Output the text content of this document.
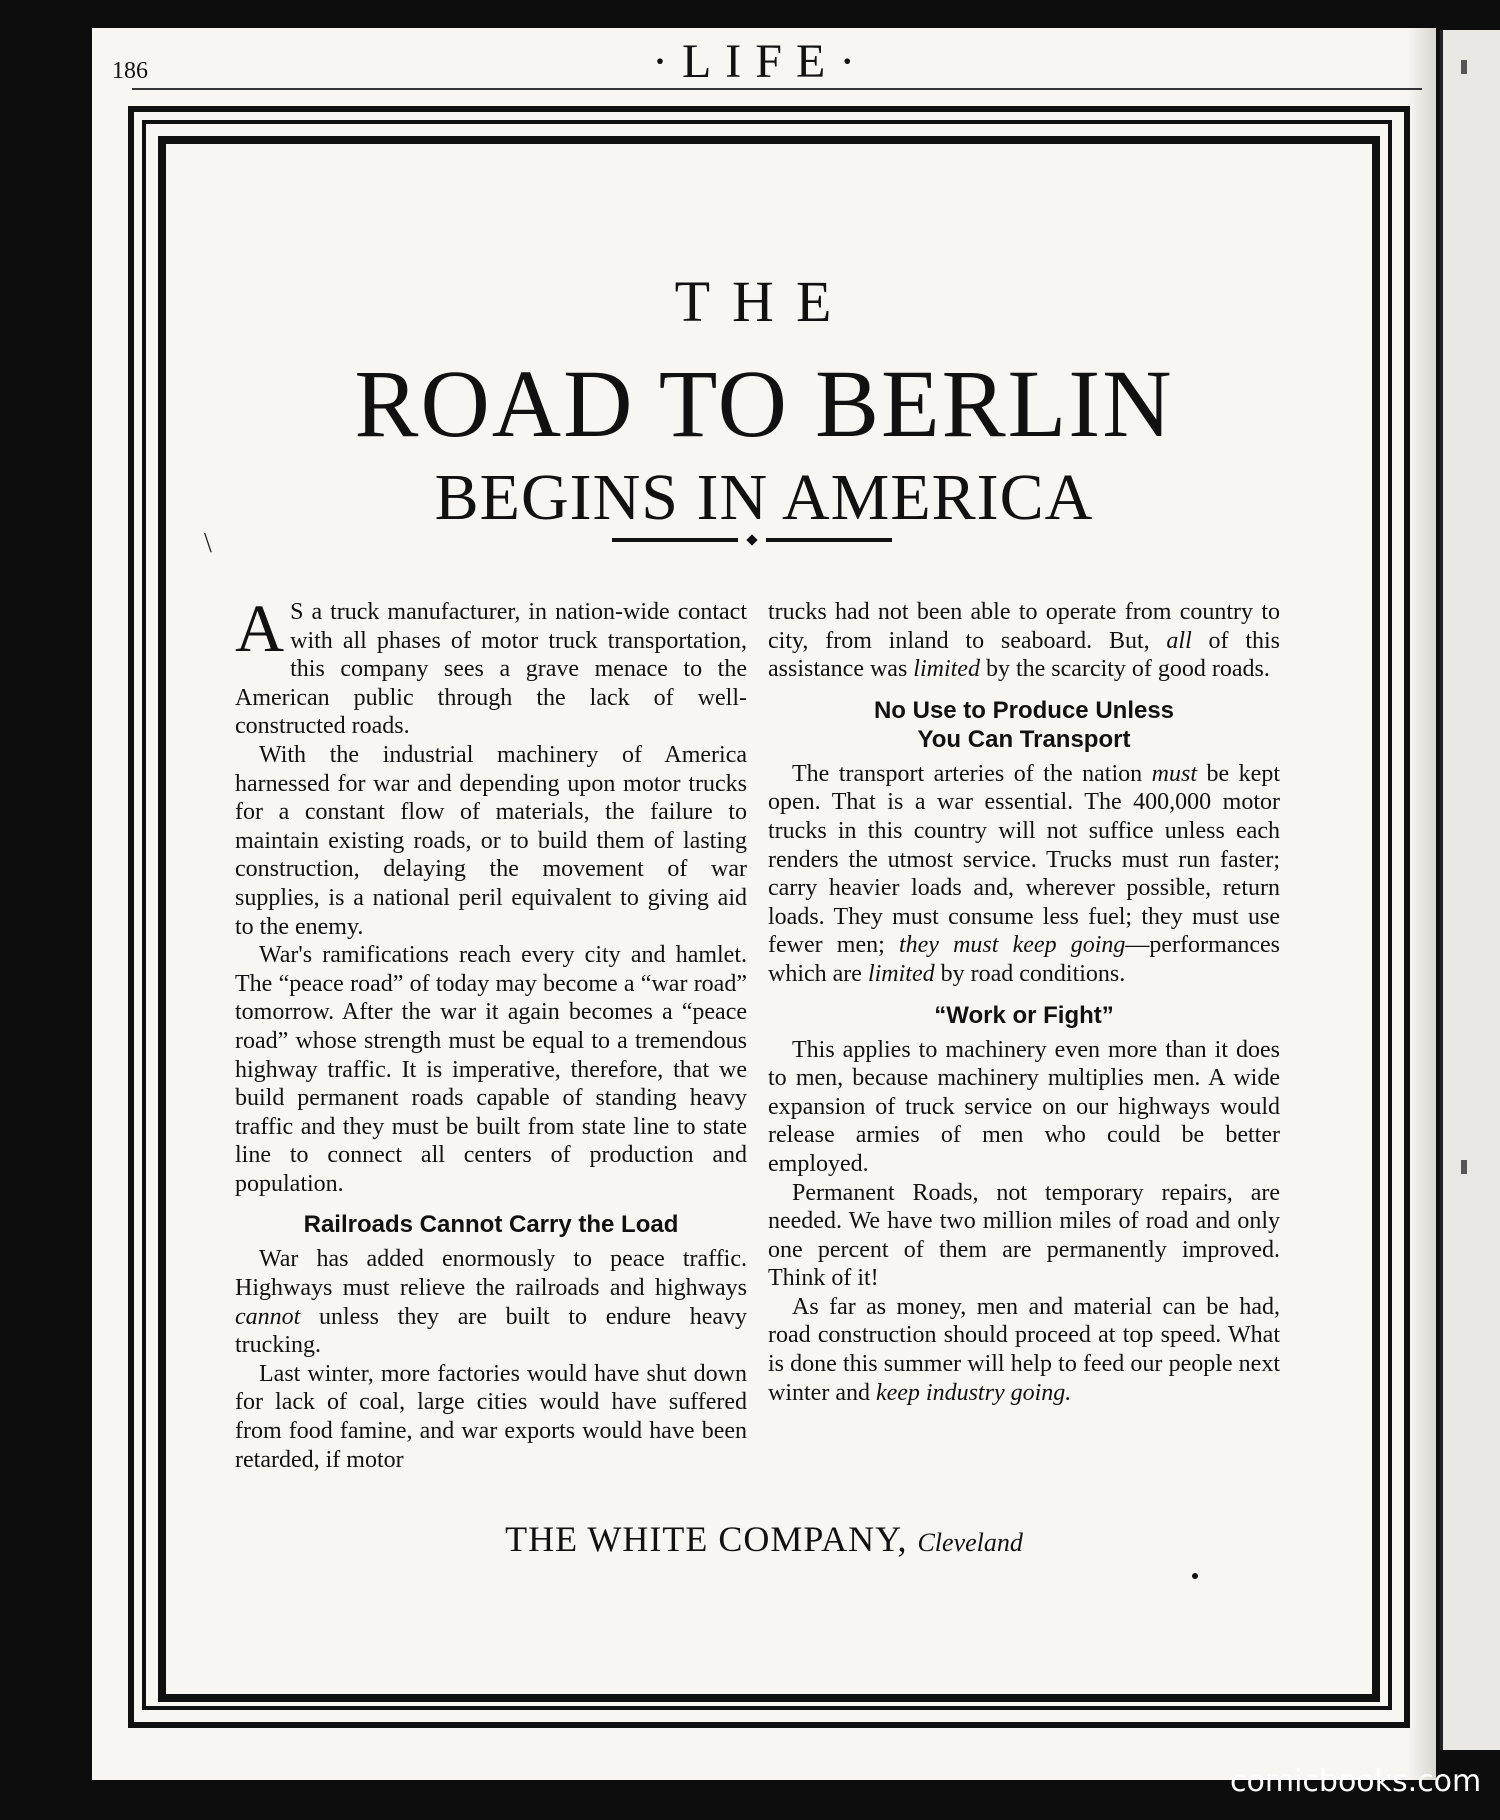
186	·LIFE·
\
THE
ROAD TO BERLIN
BEGINS IN AMERICA

A S a truck manufacturer, in nation-wide contact with all phases of motor truck transportation, this company sees a grave menace to the American public through the lack of well-constructed roads.

With the industrial machinery of America harnessed for war and depending upon motor trucks for a constant flow of materials, the failure to maintain existing roads, or to build them of lasting construction, delaying the movement of war supplies, is a national peril equivalent to giving aid to the enemy.

War's ramifications reach every city and hamlet. The “peace road” of today may become a “war road” tomorrow. After the war it again becomes a “peace road” whose strength must be equal to a tremendous highway traffic. It is imperative, therefore, that we build permanent roads capable of standing heavy traffic and they must be built from state line to state line to connect all centers of production and population.

Railroads Cannot Carry the Load

War has added enormously to peace traffic. Highways must relieve the railroads and highways cannot unless they are built to endure heavy trucking.

Last winter, more factories would have shut down for lack of coal, large cities would have suffered from food famine, and war exports would have been retarded, if motor

trucks had not been able to operate from country to city, from inland to seaboard. But, all of this assistance was limited by the scarcity of good roads.

No Use to Produce Unless
You Can Transport

The transport arteries of the nation must be kept open. That is a war essential. The 400,000 motor trucks in this country will not suffice unless each renders the utmost service. Trucks must run faster; carry heavier loads and, wherever possible, return loads. They must consume less fuel; they must use fewer men; they must keep going—performances which are limited by road conditions.

“Work or Fight”

This applies to machinery even more than it does to men, because machinery multiplies men. A wide expansion of truck service on our highways would release armies of men who could be better employed.

Permanent Roads, not temporary repairs, are needed. We have two million miles of road and only one percent of them are permanently improved. Think of it!

As far as money, men and material can be had, road construction should proceed at top speed. What is done this summer will help to feed our people next winter and keep industry going.

THE WHITE COMPANY, Cleveland
comicbooks.com
